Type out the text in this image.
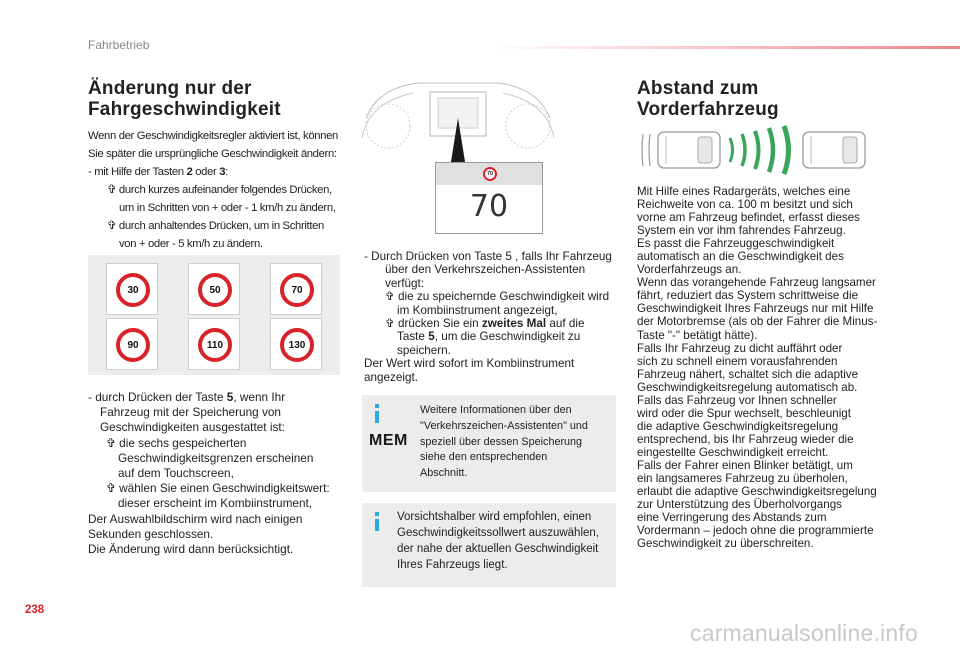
Fahrbetrieb
Änderung nur der
Fahrgeschwindigkeit
Wenn der Geschwindigkeitsregler aktiviert ist, können
Sie später die ursprüngliche Geschwindigkeit ändern:
- mit Hilfe der Tasten 2 oder 3:
✞ durch kurzes aufeinander folgendes Drücken,
um in Schritten von + oder - 1 km/h zu ändern,
✞ durch anhaltendes Drücken, um in Schritten
von + oder - 5 km/h zu ändern.
30	50	70
90	110	130
- durch Drücken der Taste 5, wenn Ihr
Fahrzeug mit der Speicherung von
Geschwindigkeiten ausgestattet ist:
✞ die sechs gespeicherten
Geschwindigkeitsgrenzen erscheinen
auf dem Touchscreen,
✞ wählen Sie einen Geschwindigkeitswert:
dieser erscheint im Kombiinstrument,
Der Auswahlbildschirm wird nach einigen
Sekunden geschlossen.
Die Änderung wird dann berücksichtigt.
70
70
- Durch Drücken von Taste 5 , falls Ihr Fahrzeug
über den Verkehrszeichen-Assistenten
verfügt:
✞ die zu speichernde Geschwindigkeit wird
im Kombiinstrument angezeigt,
✞ drücken Sie ein zweites Mal auf die
Taste 5, um die Geschwindigkeit zu
speichern.
Der Wert wird sofort im Kombiinstrument
angezeigt.
MEM
Weitere Informationen über den
"Verkehrszeichen-Assistenten" und
speziell über dessen Speicherung
siehe den entsprechenden
Abschnitt.
Vorsichtshalber wird empfohlen, einen
Geschwindigkeitssollwert auszuwählen,
der nahe der aktuellen Geschwindigkeit
Ihres Fahrzeugs liegt.
Abstand zum
Vorderfahrzeug
Mit Hilfe eines Radargeräts, welches eine
Reichweite von ca. 100 m besitzt und sich
vorne am Fahrzeug befindet, erfasst dieses
System ein vor ihm fahrendes Fahrzeug.
Es passt die Fahrzeuggeschwindigkeit
automatisch an die Geschwindigkeit des
Vorderfahrzeugs an.
Wenn das vorangehende Fahrzeug langsamer
fährt, reduziert das System schrittweise die
Geschwindigkeit Ihres Fahrzeugs nur mit Hilfe
der Motorbremse (als ob der Fahrer die Minus-
Taste "-" betätigt hätte).
Falls Ihr Fahrzeug zu dicht auffährt oder
sich zu schnell einem vorausfahrenden
Fahrzeug nähert, schaltet sich die adaptive
Geschwindigkeitsregelung automatisch ab.
Falls das Fahrzeug vor Ihnen schneller
wird oder die Spur wechselt, beschleunigt
die adaptive Geschwindigkeitsregelung
entsprechend, bis Ihr Fahrzeug wieder die
eingestellte Geschwindigkeit erreicht.
Falls der Fahrer einen Blinker betätigt, um
ein langsameres Fahrzeug zu überholen,
erlaubt die adaptive Geschwindigkeitsregelung
zur Unterstützung des Überholvorgangs
eine Verringerung des Abstands zum
Vordermann – jedoch ohne die programmierte
Geschwindigkeit zu überschreiten.
238
carmanualsonline.info
